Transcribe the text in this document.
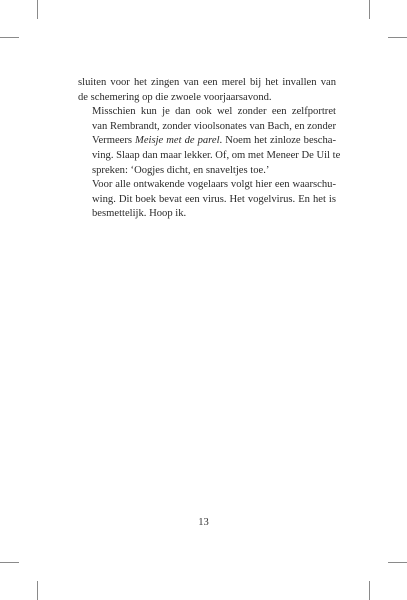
sluiten voor het zingen van een merel bij het invallen van
de schemering op die zwoele voorjaarsavond.

Misschien kun je dan ook wel zonder een zelfportret
van Rembrandt, zonder vioolsonates van Bach, en zonder
Vermeers Meisje met de parel. Noem het zinloze bescha-
ving. Slaap dan maar lekker. Of, om met Meneer De Uil te
spreken: ‘Oogjes dicht, en snaveltjes toe.’

Voor alle ontwakende vogelaars volgt hier een waarschu-
wing. Dit boek bevat een virus. Het vogelvirus. En het is
besmettelijk. Hoop ik.

13
